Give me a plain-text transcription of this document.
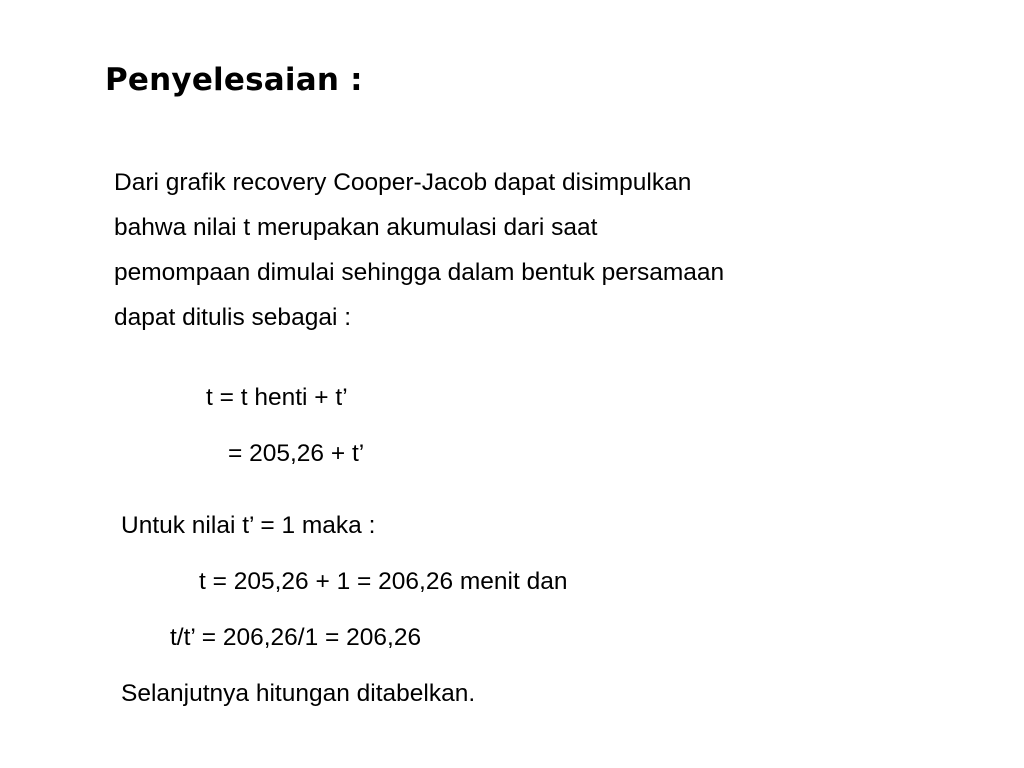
Penyelesaian :

Dari grafik recovery Cooper-Jacob dapat disimpulkan
bahwa nilai t merupakan akumulasi dari saat
pemompaan dimulai sehingga dalam bentuk persamaan
dapat ditulis sebagai :

t = t henti + t’
= 205,26 + t’
Untuk nilai t’ = 1 maka :
t = 205,26 + 1 = 206,26 menit dan
t/t’ = 206,26/1 = 206,26
Selanjutnya hitungan ditabelkan.
